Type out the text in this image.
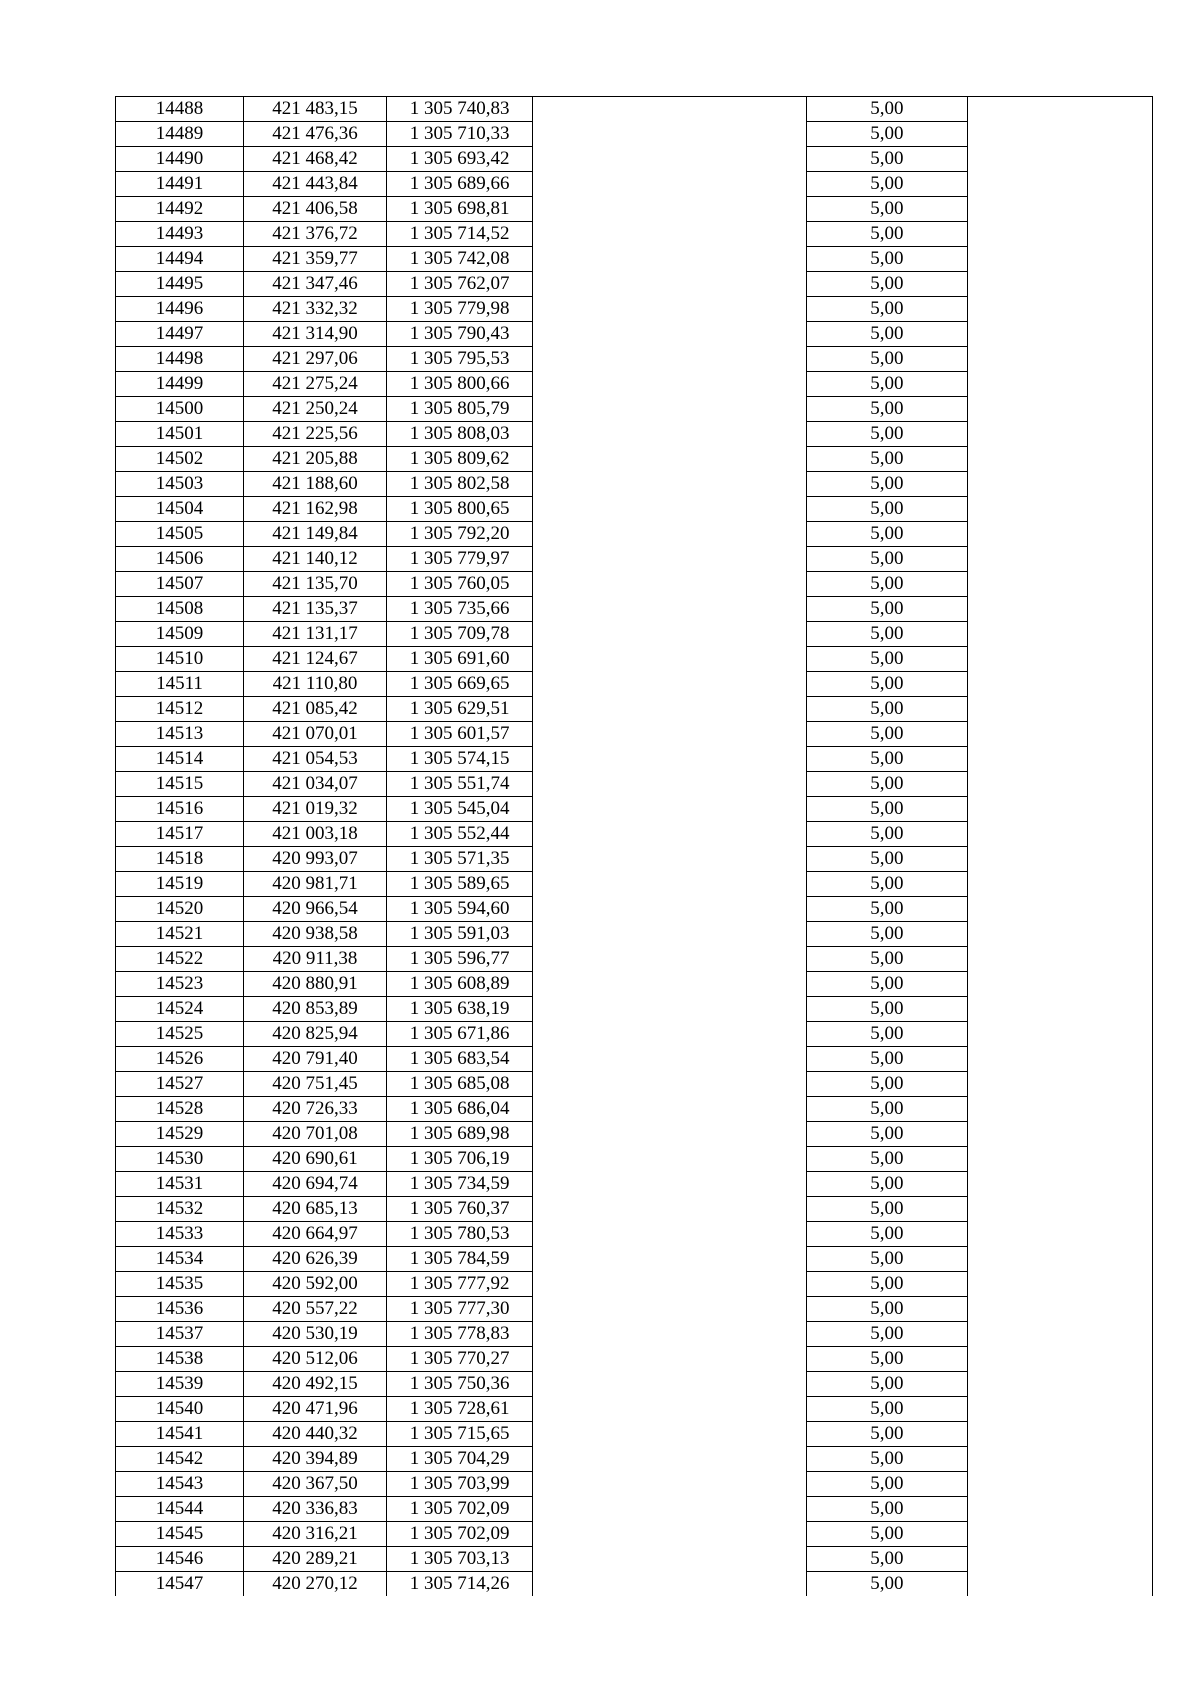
14488	421 483,15	1 305 740,83		5,00	
14489	421 476,36	1 305 710,33		5,00	
14490	421 468,42	1 305 693,42		5,00	
14491	421 443,84	1 305 689,66		5,00	
14492	421 406,58	1 305 698,81		5,00	
14493	421 376,72	1 305 714,52		5,00	
14494	421 359,77	1 305 742,08		5,00	
14495	421 347,46	1 305 762,07		5,00	
14496	421 332,32	1 305 779,98		5,00	
14497	421 314,90	1 305 790,43		5,00	
14498	421 297,06	1 305 795,53		5,00	
14499	421 275,24	1 305 800,66		5,00	
14500	421 250,24	1 305 805,79		5,00	
14501	421 225,56	1 305 808,03		5,00	
14502	421 205,88	1 305 809,62		5,00	
14503	421 188,60	1 305 802,58		5,00	
14504	421 162,98	1 305 800,65		5,00	
14505	421 149,84	1 305 792,20		5,00	
14506	421 140,12	1 305 779,97		5,00	
14507	421 135,70	1 305 760,05		5,00	
14508	421 135,37	1 305 735,66		5,00	
14509	421 131,17	1 305 709,78		5,00	
14510	421 124,67	1 305 691,60		5,00	
14511	421 110,80	1 305 669,65		5,00	
14512	421 085,42	1 305 629,51		5,00	
14513	421 070,01	1 305 601,57		5,00	
14514	421 054,53	1 305 574,15		5,00	
14515	421 034,07	1 305 551,74		5,00	
14516	421 019,32	1 305 545,04		5,00	
14517	421 003,18	1 305 552,44		5,00	
14518	420 993,07	1 305 571,35		5,00	
14519	420 981,71	1 305 589,65		5,00	
14520	420 966,54	1 305 594,60		5,00	
14521	420 938,58	1 305 591,03		5,00	
14522	420 911,38	1 305 596,77		5,00	
14523	420 880,91	1 305 608,89		5,00	
14524	420 853,89	1 305 638,19		5,00	
14525	420 825,94	1 305 671,86		5,00	
14526	420 791,40	1 305 683,54		5,00	
14527	420 751,45	1 305 685,08		5,00	
14528	420 726,33	1 305 686,04		5,00	
14529	420 701,08	1 305 689,98		5,00	
14530	420 690,61	1 305 706,19		5,00	
14531	420 694,74	1 305 734,59		5,00	
14532	420 685,13	1 305 760,37		5,00	
14533	420 664,97	1 305 780,53		5,00	
14534	420 626,39	1 305 784,59		5,00	
14535	420 592,00	1 305 777,92		5,00	
14536	420 557,22	1 305 777,30		5,00	
14537	420 530,19	1 305 778,83		5,00	
14538	420 512,06	1 305 770,27		5,00	
14539	420 492,15	1 305 750,36		5,00	
14540	420 471,96	1 305 728,61		5,00	
14541	420 440,32	1 305 715,65		5,00	
14542	420 394,89	1 305 704,29		5,00	
14543	420 367,50	1 305 703,99		5,00	
14544	420 336,83	1 305 702,09		5,00	
14545	420 316,21	1 305 702,09		5,00	
14546	420 289,21	1 305 703,13		5,00	
14547	420 270,12	1 305 714,26		5,00	
